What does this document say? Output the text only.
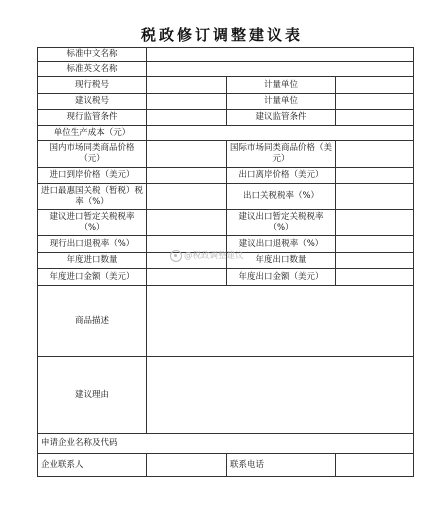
税政修订调整建议表
标准中文名称			
标准英文名称			
现行税号		计量单位	
建议税号		计量单位	
现行监管条件		建议监管条件	
单位生产成本（元）			
国内市场同类商品价格（元）		国际市场同类商品价格（美元）	
进口到岸价格（美元）		出口离岸价格（美元）	
进口最惠国关税（暂税）税率（%）		出口关税税率（%）	
建议进口暂定关税税率（%）		建议出口暂定关税税率（%）	
现行出口退税率（%）		建议出口退税率（%）	
年度进口数量		年度出口数量	
年度进口金额（美元）		年度出口金额（美元）	
商品描述			
建议理由			
申请企业名称及代码			
企业联系人		联系电话	
@税政调整建议
